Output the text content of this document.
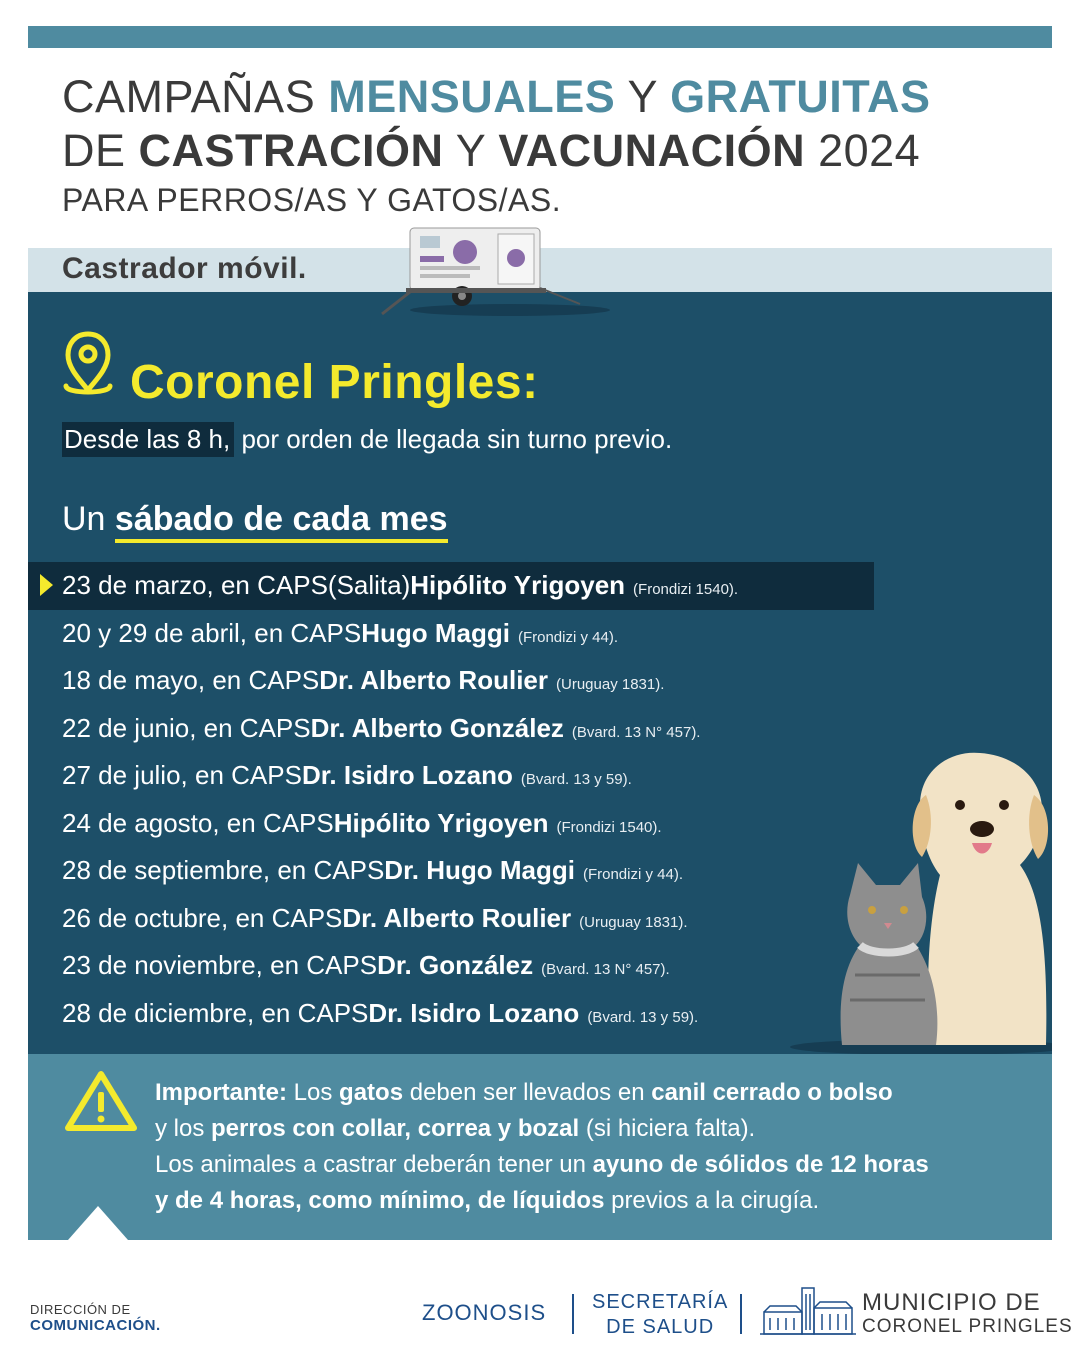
CAMPAÑAS MENSUALES Y GRATUITAS
DE CASTRACIÓN Y VACUNACIÓN 2024
PARA PERROS/AS Y GATOS/AS.
Castrador móvil.
Coronel Pringles:
Desde las 8 h, por orden de llegada sin turno previo.
Un sábado de cada mes
23 de marzo, en CAPS (Salita) Hipólito Yrigoyen (Frondizi 1540).
20 y 29 de abril, en CAPS Hugo Maggi (Frondizi y 44).
18 de mayo, en CAPS Dr. Alberto Roulier (Uruguay 1831).
22 de junio, en CAPS Dr. Alberto González (Bvard. 13 N° 457).
27 de julio, en CAPS Dr. Isidro Lozano (Bvard. 13 y 59).
24 de agosto, en CAPS Hipólito Yrigoyen (Frondizi 1540).
28 de septiembre, en CAPS Dr. Hugo Maggi (Frondizi y 44).
26 de octubre, en CAPS Dr. Alberto Roulier (Uruguay 1831).
23 de noviembre, en CAPS Dr. González (Bvard. 13 N° 457).
28 de diciembre, en CAPS Dr. Isidro Lozano (Bvard. 13 y 59).

Importante: Los gatos deben ser llevados en canil cerrado o bolso

y los perros con collar, correa y bozal (si hiciera falta).

Los animales a castrar deberán tener un ayuno de sólidos de 12 horas

y de 4 horas, como mínimo, de líquidos previos a la cirugía.

DIRECCIÓN DE
COMUNICACIÓN.
ZOONOSIS SECRETARÍA
DE SALUD
MUNICIPIO DE
CORONEL PRINGLES
